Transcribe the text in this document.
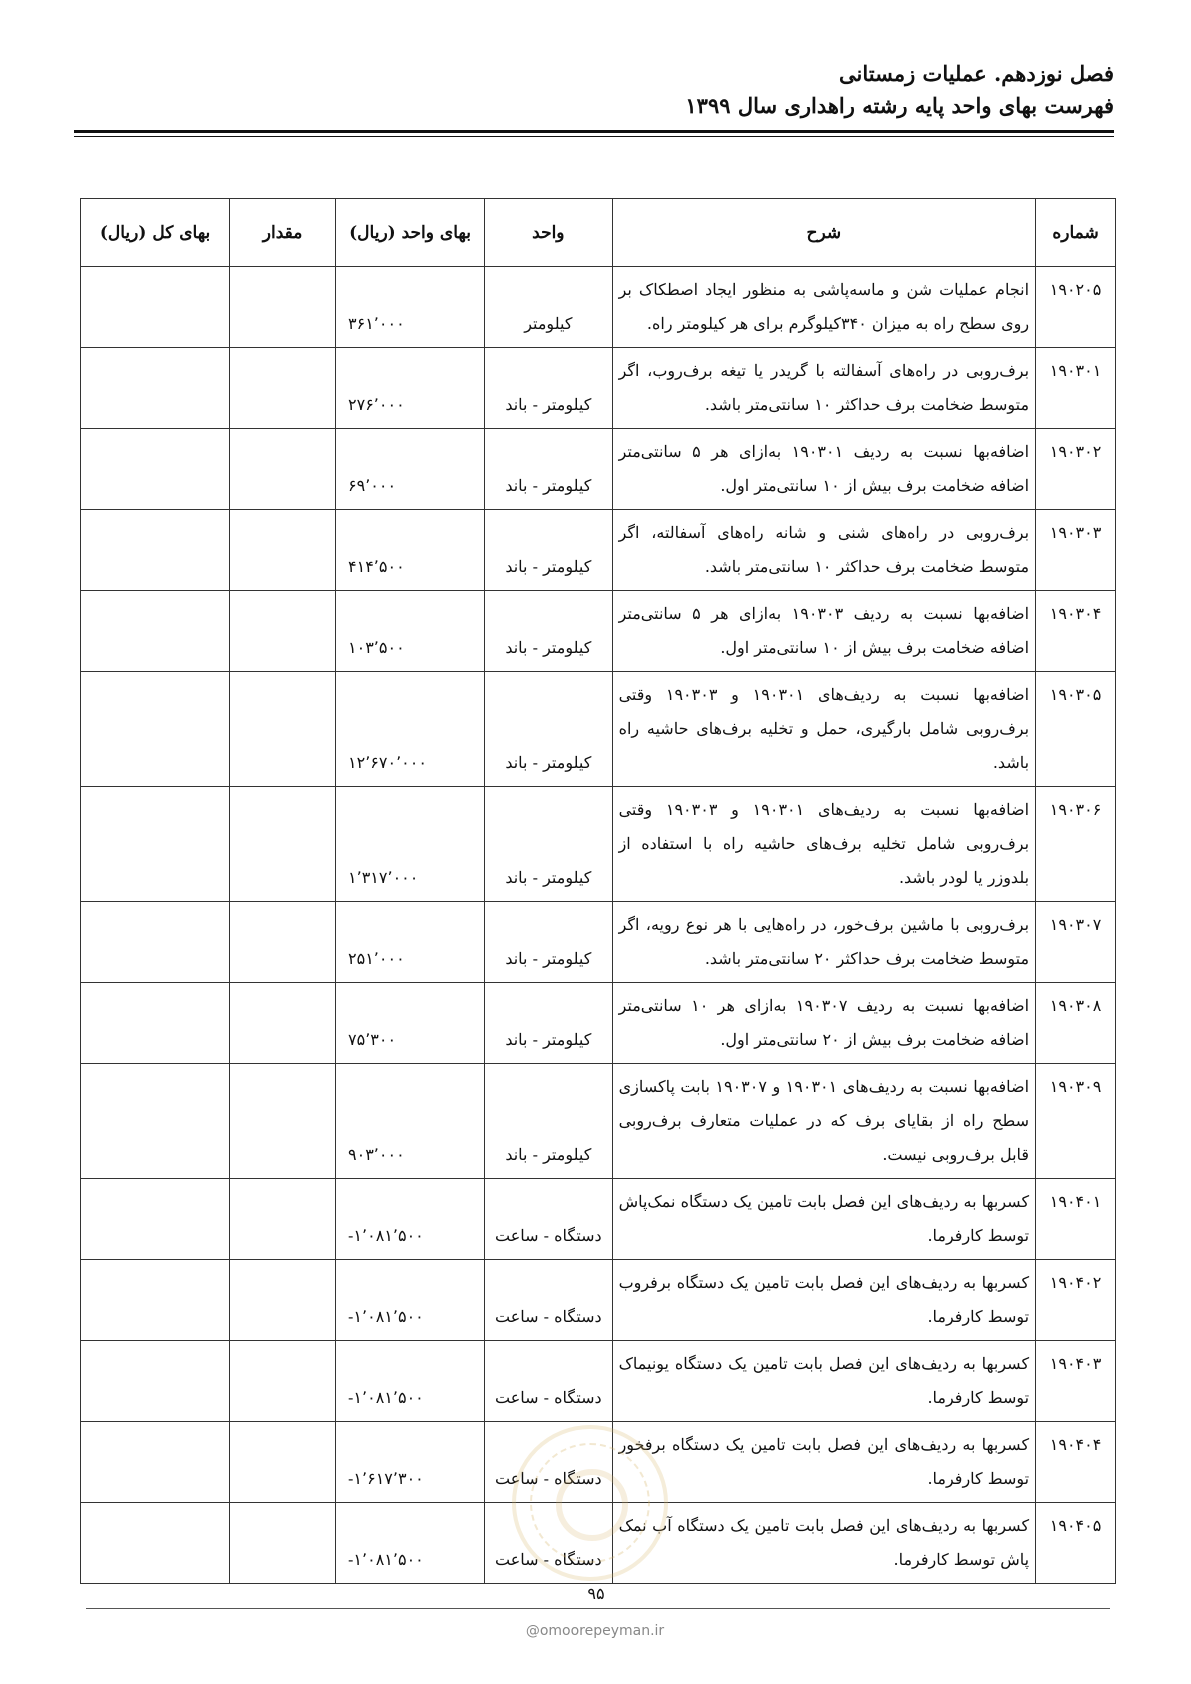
فصل نوزدهم. عملیات زمستانی
فهرست بهای واحد پایه رشته راهداری سال ۱۳۹۹
شماره	شرح	واحد	بهای واحد (ریال)	مقدار	بهای کل (ریال)
۱۹۰۲۰۵	انجام عملیات شن و ماسه‌پاشی به منظور ایجاد اصطکاک بر روی سطح راه به میزان ۳۴۰کیلوگرم برای هر کیلومتر راه.	کیلومتر	۳۶۱٬۰۰۰		
۱۹۰۳۰۱	برف‌روبی در راه‌های آسفالته با گریدر یا تیغه برف‌روب، اگر متوسط ضخامت برف حداکثر ۱۰ سانتی‌متر باشد.	کیلومتر - باند	۲۷۶٬۰۰۰		
۱۹۰۳۰۲	اضافه‌بها نسبت به ردیف ۱۹۰۳۰۱ به‌ازای هر ۵ سانتی‌متر اضافه ضخامت برف بیش از ۱۰ سانتی‌متر اول.	کیلومتر - باند	۶۹٬۰۰۰		
۱۹۰۳۰۳	برف‌روبی در راه‌های شنی و شانه راه‌های آسفالته، اگر متوسط ضخامت برف حداکثر ۱۰ سانتی‌متر باشد.	کیلومتر - باند	۴۱۴٬۵۰۰		
۱۹۰۳۰۴	اضافه‌بها نسبت به ردیف ۱۹۰۳۰۳ به‌ازای هر ۵ سانتی‌متر اضافه ضخامت برف بیش از ۱۰ سانتی‌متر اول.	کیلومتر - باند	۱۰۳٬۵۰۰		
۱۹۰۳۰۵	اضافه‌بها نسبت به ردیف‌های ۱۹۰۳۰۱ و ۱۹۰۳۰۳ وقتی برف‌روبی شامل بارگیری، حمل و تخلیه برف‌های حاشیه راه باشد.	کیلومتر - باند	۱۲٬۶۷۰٬۰۰۰		
۱۹۰۳۰۶	اضافه‌بها نسبت به ردیف‌های ۱۹۰۳۰۱ و ۱۹۰۳۰۳ وقتی برف‌روبی شامل تخلیه برف‌های حاشیه راه با استفاده از بلدوزر یا لودر باشد.	کیلومتر - باند	۱٬۳۱۷٬۰۰۰		
۱۹۰۳۰۷	برف‌روبی با ماشین برف‌خور، در راه‌هایی با هر نوع رویه، اگر متوسط ضخامت برف حداکثر ۲۰ سانتی‌متر باشد.	کیلومتر - باند	۲۵۱٬۰۰۰		
۱۹۰۳۰۸	اضافه‌بها نسبت به ردیف ۱۹۰۳۰۷ به‌ازای هر ۱۰ سانتی‌متر اضافه ضخامت برف بیش از ۲۰ سانتی‌متر اول.	کیلومتر - باند	۷۵٬۳۰۰		
۱۹۰۳۰۹	اضافه‌بها نسبت به ردیف‌های ۱۹۰۳۰۱ و ۱۹۰۳۰۷ بابت پاکسازی سطح راه از بقایای برف که در عملیات متعارف برف‌روبی قابل برف‌روبی نیست.	کیلومتر - باند	۹۰۳٬۰۰۰		
۱۹۰۴۰۱	کسربها به ردیف‌های این فصل بابت تامین یک دستگاه نمک‌پاش توسط کارفرما.	دستگاه - ساعت	-۱٬۰۸۱٬۵۰۰		
۱۹۰۴۰۲	کسربها به ردیف‌های این فصل بابت تامین یک دستگاه برفروب توسط کارفرما.	دستگاه - ساعت	-۱٬۰۸۱٬۵۰۰		
۱۹۰۴۰۳	کسربها به ردیف‌های این فصل بابت تامین یک دستگاه یونیماک توسط کارفرما.	دستگاه - ساعت	-۱٬۰۸۱٬۵۰۰		
۱۹۰۴۰۴	کسربها به ردیف‌های این فصل بابت تامین یک دستگاه برفخور توسط کارفرما.	دستگاه - ساعت	-۱٬۶۱۷٬۳۰۰		
۱۹۰۴۰۵	کسربها به ردیف‌های این فصل بابت تامین یک دستگاه آب نمک پاش توسط کارفرما.	دستگاه - ساعت	-۱٬۰۸۱٬۵۰۰		
۹۵
@omoorepeyman.ir
